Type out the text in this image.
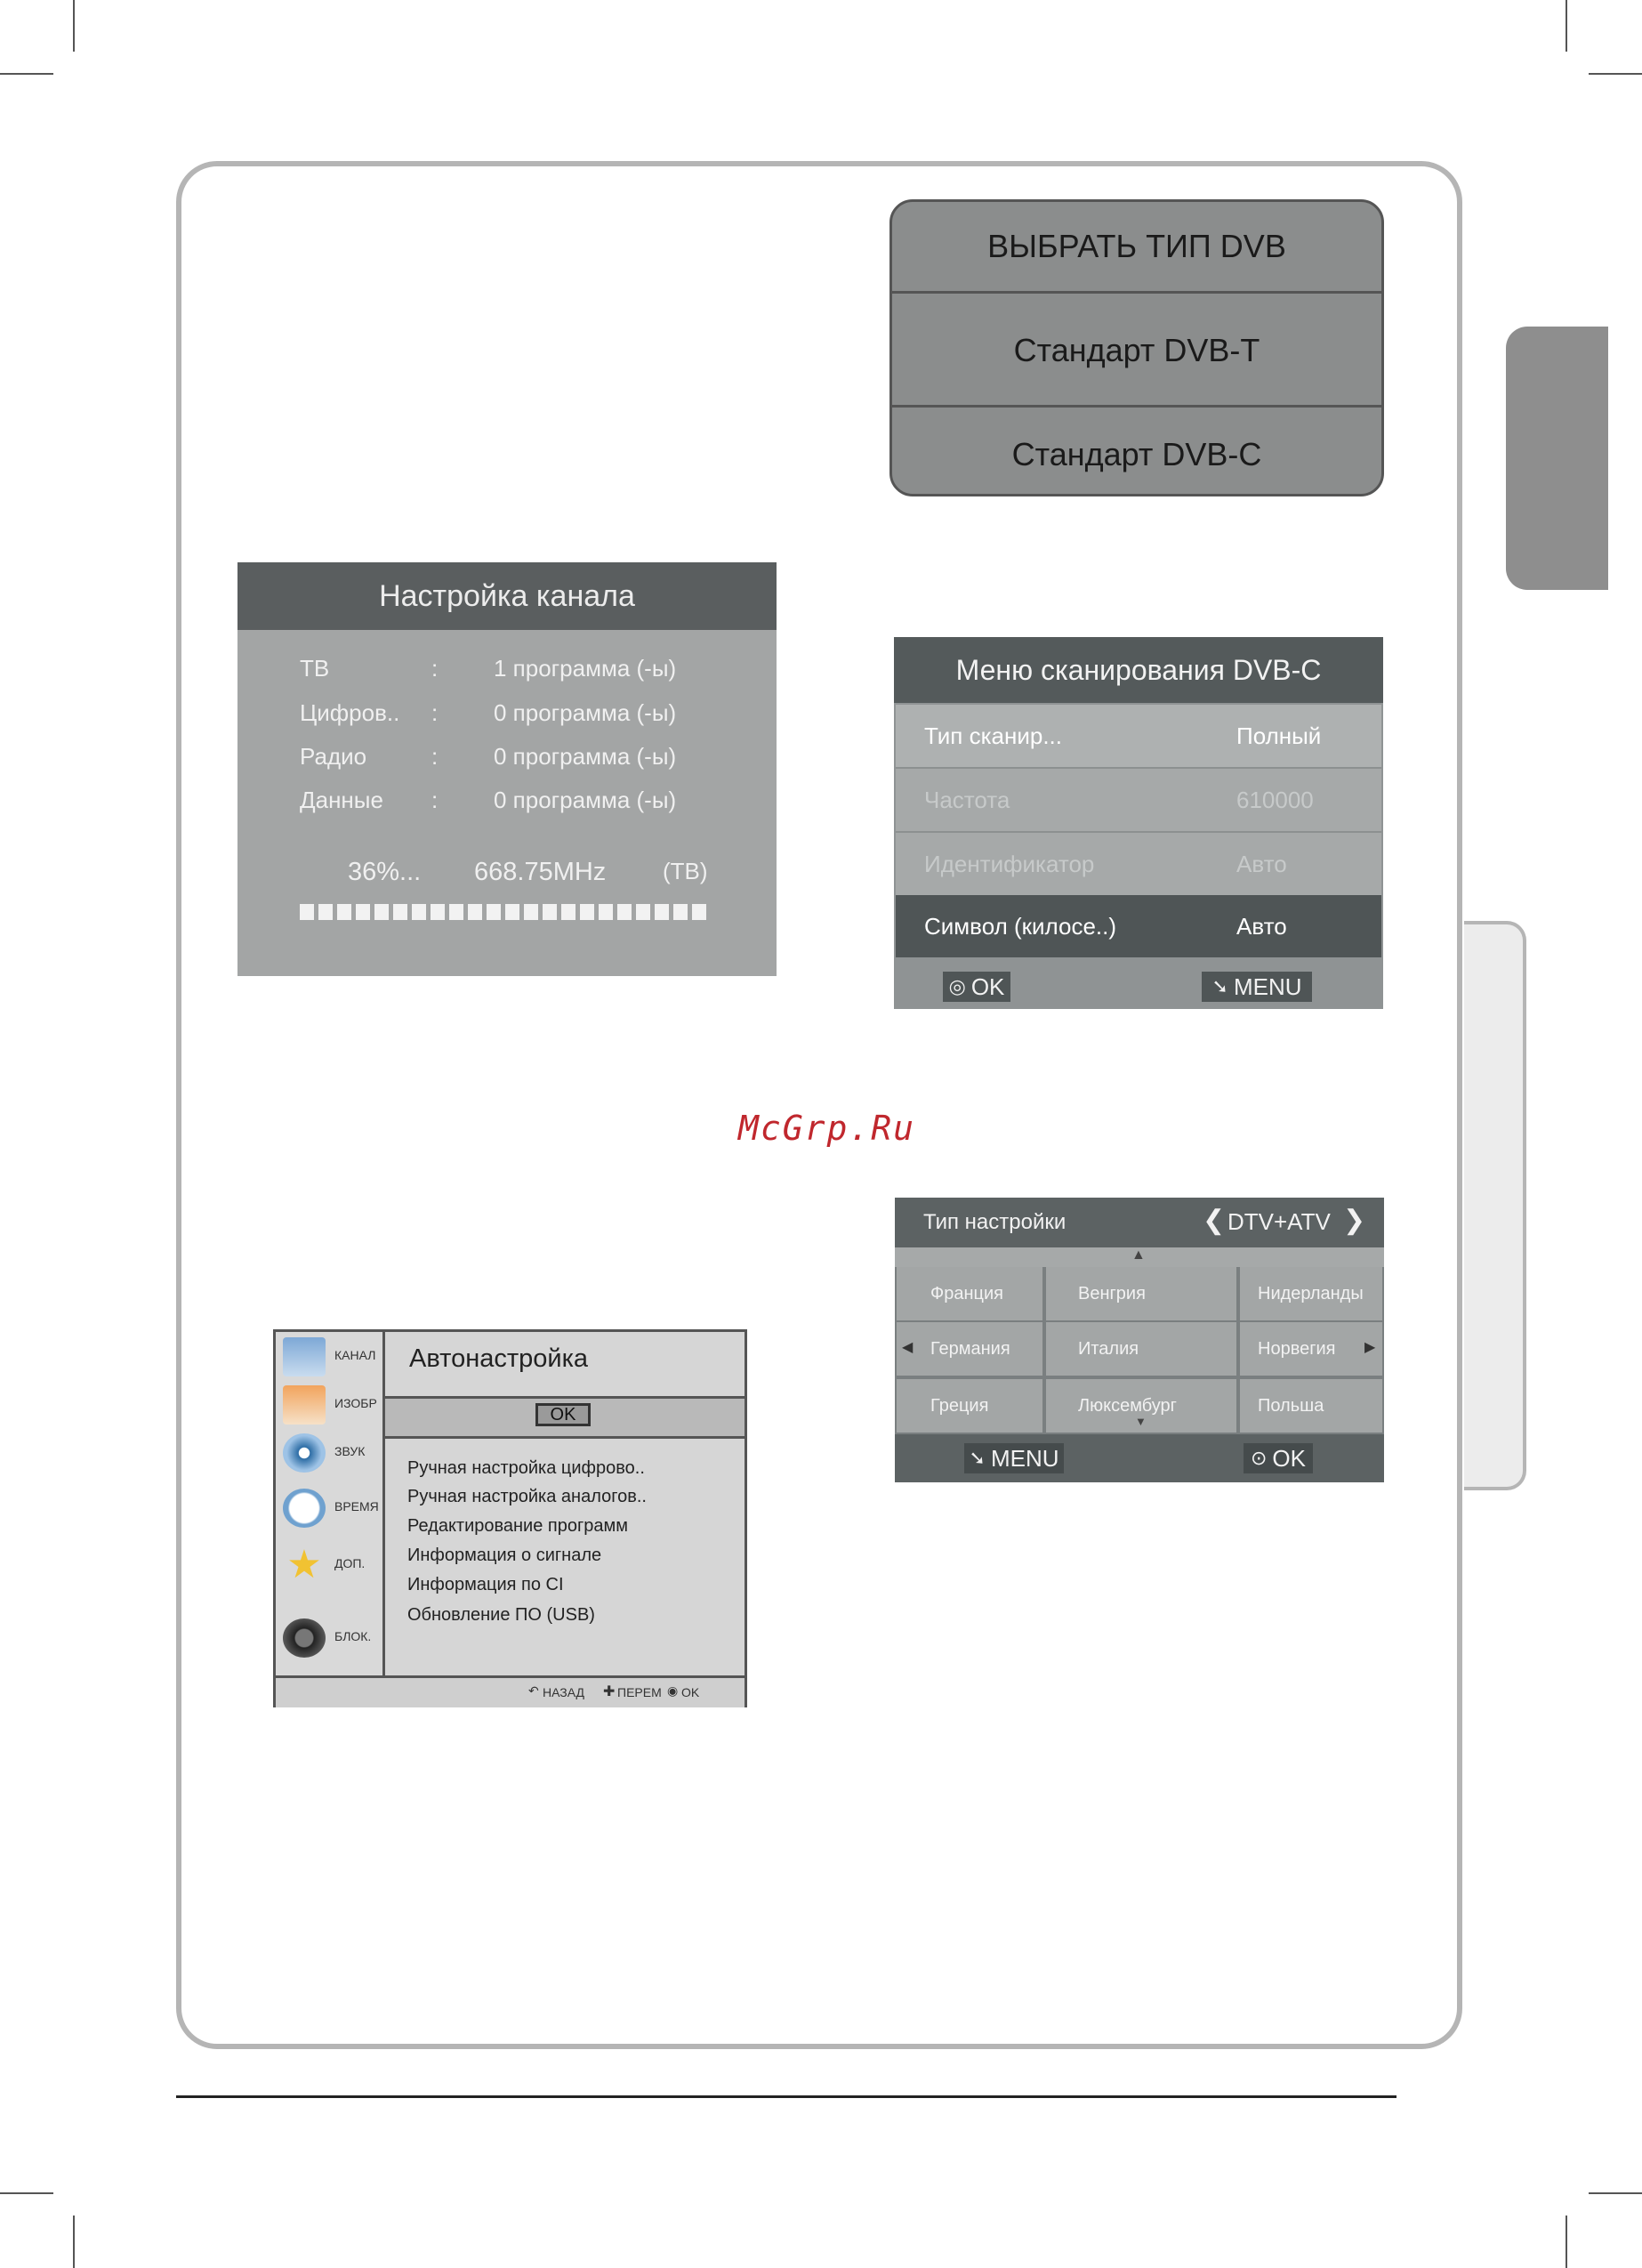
ВЫБРАТЬ ТИП DVB
Стандарт DVB-T
Стандарт DVB-C
Настройка канала
ТВ	: 1 программа (-ы)
Цифров.. : 0 программа (-ы)
Радио	: 0 программа (-ы)
Данные : 0 программа (-ы)
36%... 668.75MHz (ТВ)
Меню сканирования DVB-C
Тип сканир...	Полный
Частота	610000
Идентификатор	Авто
Символ (килосе..)	Авто
◎ OK	➘ MENU
McGrp.Ru
Тип настройки	❮ DTV+ATV ❯
▲
Франция	Венгрия	Нидерланды
Германия	Италия	Норвегия
Греция	Люксембург	Польша
◀	▶
▼
➘ MENU	⊙ OK
КАНАЛ
ИЗОБР
ЗВУК
ВРЕМЯ
★	ДОП.
БЛОК.
Автонастройка
OK
Ручная настройка цифрово..
Ручная настройка аналогов..
Редактирование программ
Информация о сигнале
Информация по CI
Обновление ПО (USB)
↶ НАЗАД ✚ ПЕРЕМ ◉ OK
